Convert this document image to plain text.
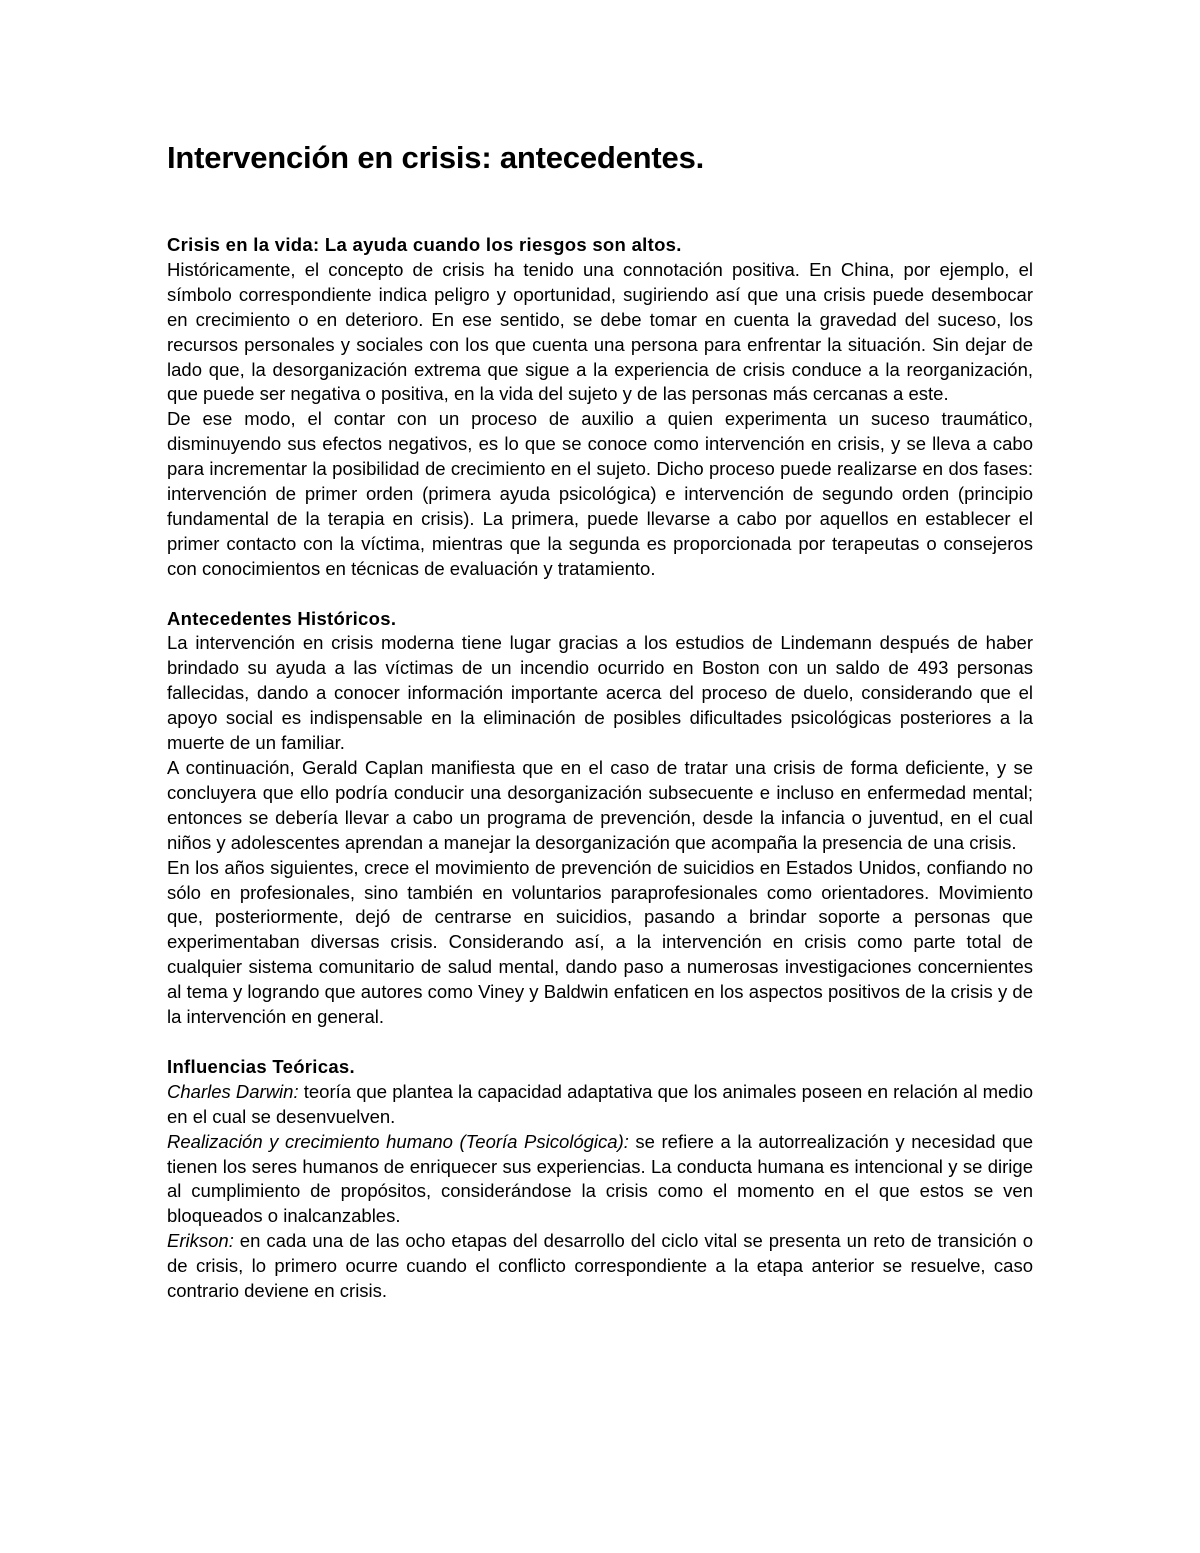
Intervención en crisis: antecedentes.
Crisis en la vida: La ayuda cuando los riesgos son altos.

Históricamente, el concepto de crisis ha tenido una connotación positiva. En China, por ejemplo, el símbolo correspondiente indica peligro y oportunidad, sugiriendo así que una crisis puede desembocar en crecimiento o en deterioro. En ese sentido, se debe tomar en cuenta la gravedad del suceso, los recursos personales y sociales con los que cuenta una persona para enfrentar la situación. Sin dejar de lado que, la desorganización extrema que sigue a la experiencia de crisis conduce a la reorganización, que puede ser negativa o positiva, en la vida del sujeto y de las personas más cercanas a este.

De ese modo, el contar con un proceso de auxilio a quien experimenta un suceso traumático, disminuyendo sus efectos negativos, es lo que se conoce como intervención en crisis, y se lleva a cabo para incrementar la posibilidad de crecimiento en el sujeto. Dicho proceso puede realizarse en dos fases: intervención de primer orden (primera ayuda psicológica) e intervención de segundo orden (principio fundamental de la terapia en crisis). La primera, puede llevarse a cabo por aquellos en establecer el primer contacto con la víctima, mientras que la segunda es proporcionada por terapeutas o consejeros con conocimientos en técnicas de evaluación y tratamiento.

Antecedentes Históricos.

La intervención en crisis moderna tiene lugar gracias a los estudios de Lindemann después de haber brindado su ayuda a las víctimas de un incendio ocurrido en Boston con un saldo de 493 personas fallecidas, dando a conocer información importante acerca del proceso de duelo, considerando que el apoyo social es indispensable en la eliminación de posibles dificultades psicológicas posteriores a la muerte de un familiar.

A continuación, Gerald Caplan manifiesta que en el caso de tratar una crisis de forma deficiente, y se concluyera que ello podría conducir una desorganización subsecuente e incluso en enfermedad mental; entonces se debería llevar a cabo un programa de prevención, desde la infancia o juventud, en el cual niños y adolescentes aprendan a manejar la desorganización que acompaña la presencia de una crisis.

En los años siguientes, crece el movimiento de prevención de suicidios en Estados Unidos, confiando no sólo en profesionales, sino también en voluntarios paraprofesionales como orientadores. Movimiento que, posteriormente, dejó de centrarse en suicidios, pasando a brindar soporte a personas que experimentaban diversas crisis. Considerando así, a la intervención en crisis como parte total de cualquier sistema comunitario de salud mental, dando paso a numerosas investigaciones concernientes al tema y logrando que autores como Viney y Baldwin enfaticen en los aspectos positivos de la crisis y de la intervención en general.

Influencias Teóricas.

Charles Darwin: teoría que plantea la capacidad adaptativa que los animales poseen en relación al medio en el cual se desenvuelven.

Realización y crecimiento humano (Teoría Psicológica): se refiere a la autorrealización y necesidad que tienen los seres humanos de enriquecer sus experiencias. La conducta humana es intencional y se dirige al cumplimiento de propósitos, considerándose la crisis como el momento en el que estos se ven bloqueados o inalcanzables.

Erikson: en cada una de las ocho etapas del desarrollo del ciclo vital se presenta un reto de transición o de crisis, lo primero ocurre cuando el conflicto correspondiente a la etapa anterior se resuelve, caso contrario deviene en crisis.
